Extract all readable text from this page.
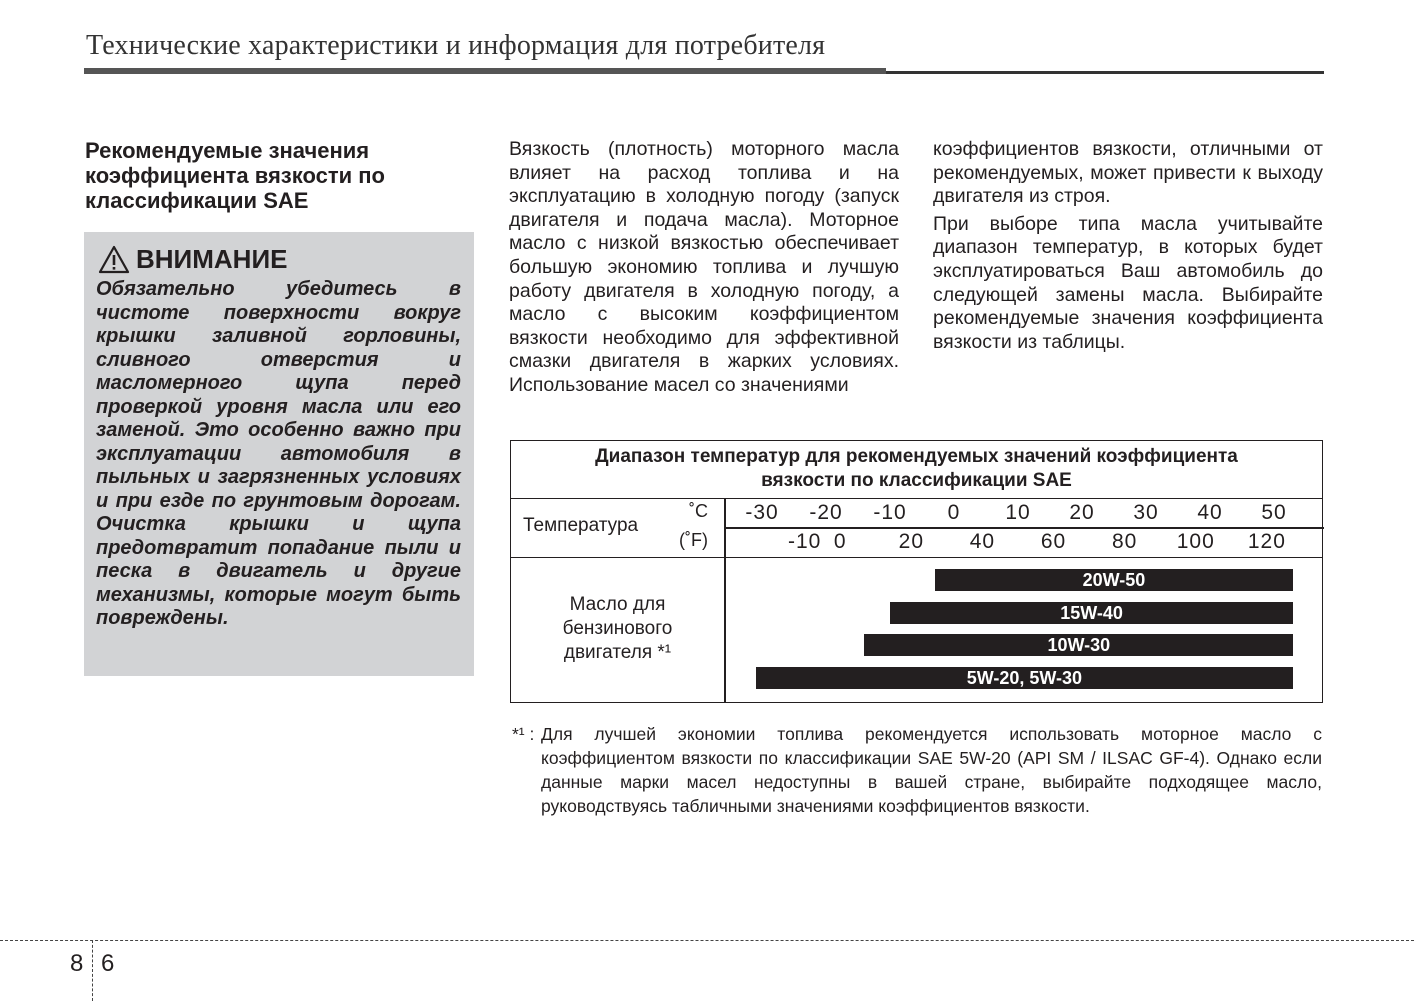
Технические характеристики и информация для потребителя
Рекомендуемые значения коэффициента вязкости по классификации SAE
ВНИМАНИЕ
Обязательно убедитесь в чистоте поверхности вокруг крышки заливной горловины, сливного отверстия и масломерного щупа перед проверкой уровня масла или его заменой. Это особенно важно при эксплуатации автомобиля в пыльных и загрязненных условиях и при езде по грунтовым дорогам. Очистка крышки и щупа предотвратит попадание пыли и песка в двигатель и другие механизмы, которые могут быть повреждены.
Вязкость (плотность) моторного масла влияет на расход топлива и на эксплуатацию в холодную погоду (запуск двигателя и подача масла). Моторное масло с низкой вязкостью обеспечивает большую экономию топлива и лучшую работу двигателя в холодную погоду, а масло с высоким коэффициентом вязкости необходимо для эффективной смазки двигателя в жарких условиях. Использование масел со значениями

коэффициентов вязкости, отличными от рекомендуемых, может привести к выходу двигателя из строя.

При выборе типа масла учитывайте диапазон температур, в которых будет эксплуатироваться Ваш автомобиль до следующей замены масла. Выбирайте рекомендуемые значения коэффициента вязкости из таблицы.

Диапазон температур для рекомендуемых значений коэффициента
вязкости по классификации SAE
Температура
˚C
(˚F)
-30 -20 -10 0 10 20 30 40 50
-10 0 20 40 60 80 100 120
Масло для
бензинового
двигателя *¹
20W-50
15W-40
10W-30
5W-20, 5W-30
*¹ : Для лучшей экономии топлива рекомендуется использовать моторное масло с коэффициентом вязкости по классификации SAE 5W-20 (API SM / ILSAC GF-4). Однако если данные марки масел недоступны в вашей стране, выбирайте подходящее масло, руководствуясь табличными значениями коэффициентов вязкости.
8 6
